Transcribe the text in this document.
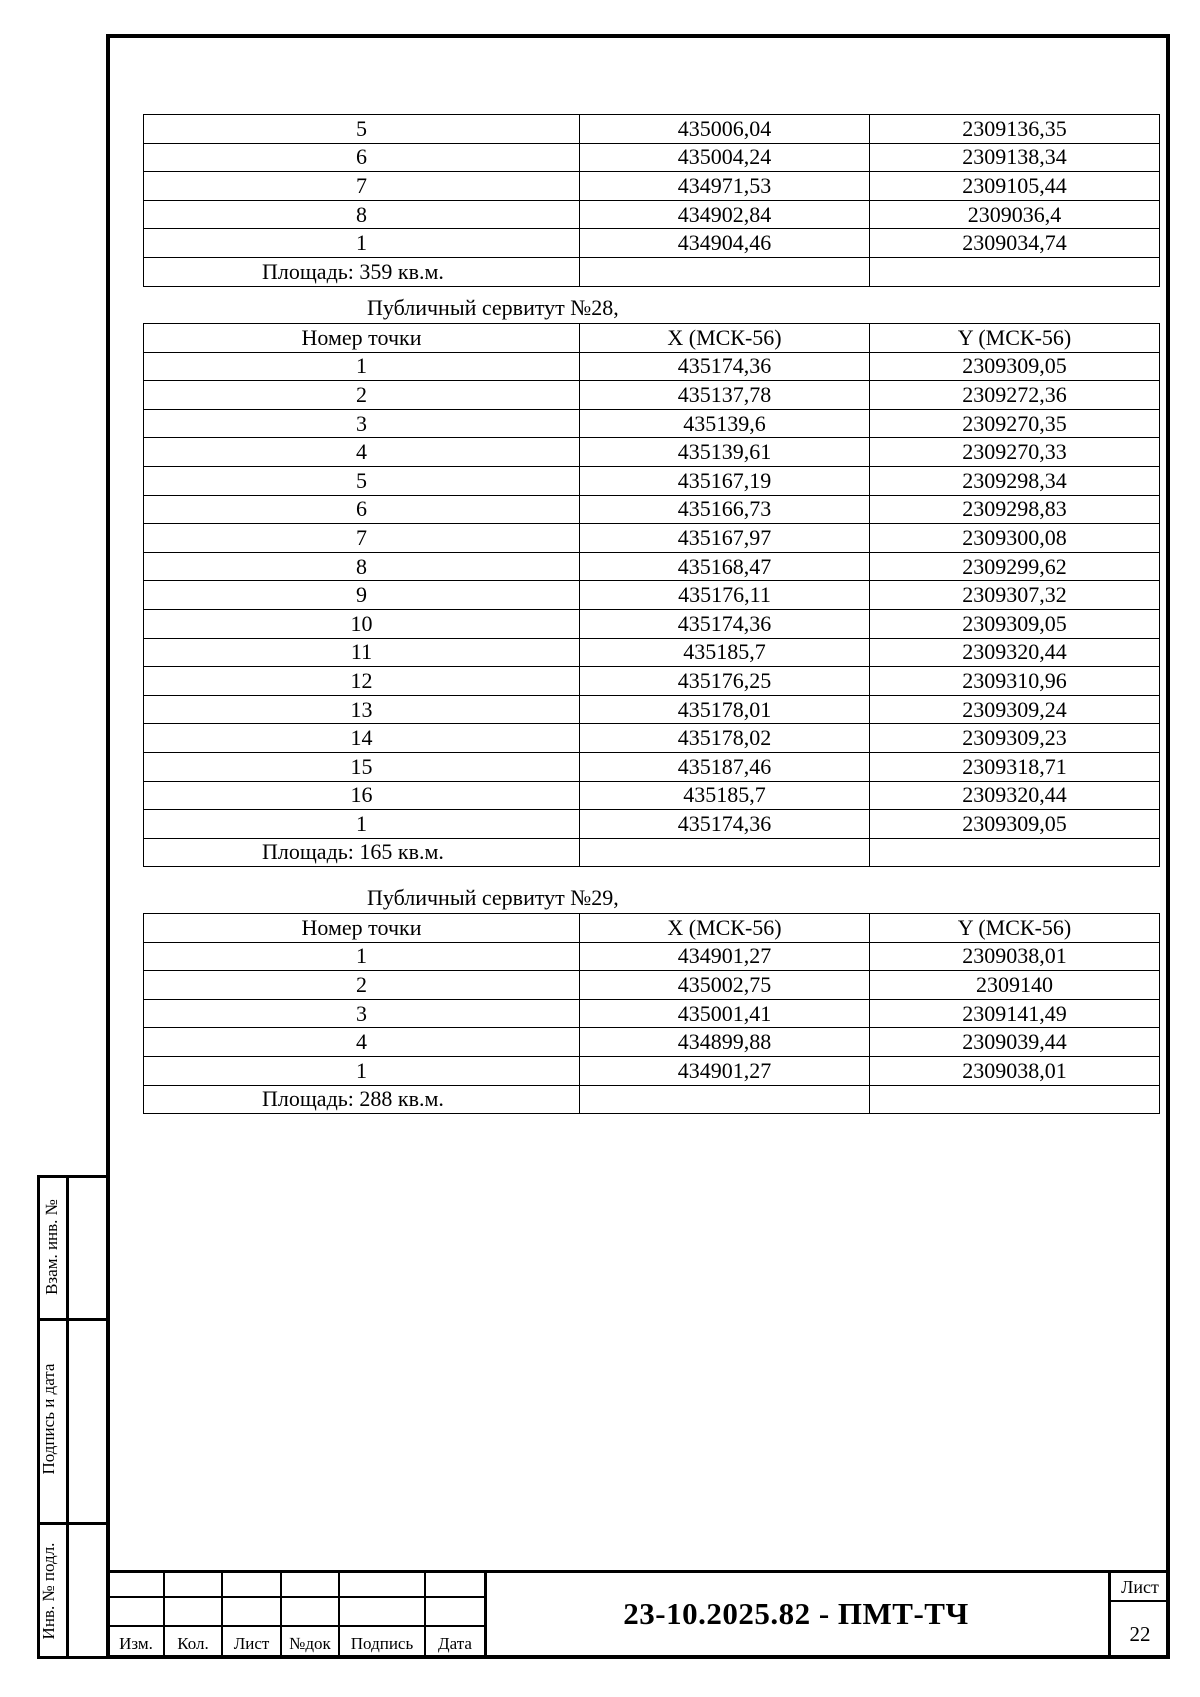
5	435006,04	2309136,35
6	435004,24	2309138,34
7	434971,53	2309105,44
8	434902,84	2309036,4
1	434904,46	2309034,74
Площадь: 359 кв.м.		
Публичный сервитут №28,
Номер точки	X (МСК-56)	Y (МСК-56)
1	435174,36	2309309,05
2	435137,78	2309272,36
3	435139,6	2309270,35
4	435139,61	2309270,33
5	435167,19	2309298,34
6	435166,73	2309298,83
7	435167,97	2309300,08
8	435168,47	2309299,62
9	435176,11	2309307,32
10	435174,36	2309309,05
11	435185,7	2309320,44
12	435176,25	2309310,96
13	435178,01	2309309,24
14	435178,02	2309309,23
15	435187,46	2309318,71
16	435185,7	2309320,44
1	435174,36	2309309,05
Площадь: 165 кв.м.		
Публичный сервитут №29,
Номер точки	X (МСК-56)	Y (МСК-56)
1	434901,27	2309038,01
2	435002,75	2309140
3	435001,41	2309141,49
4	434899,88	2309039,44
1	434901,27	2309038,01
Площадь: 288 кв.м.		
Взам. инв. №
Подпись и дата
Инв. № подл.
Изм.	Кол.	Лист	№док	Подпись	Дата
23-10.2025.82 - ПМТ-ТЧ
Лист
22
